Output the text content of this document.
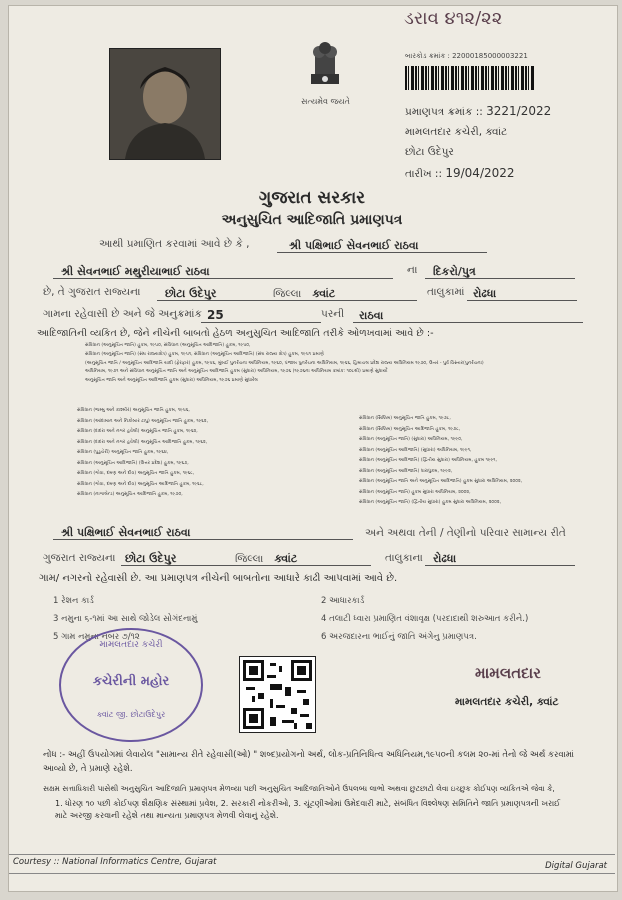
ડરાવ ૪૧૨/૨૨
સત્યમેવ જયતે
બારકોડ ક્રમાંક : 22000185000003221
પ્રમાણપત્ર ક્રમાંક :: 3221/2022
મામલતદાર કચેરી, ક્વાંટ
છોટા ઉદેપુર
તારીખ :: 19/04/2022
ગુજરાત સરકાર
અનુસુચિત આદિજાતિ પ્રમાણપત્ર
આથી પ્રમાણિત કરવામાં આવે છે કે ,	શ્રી પક્ષિભાઈ સેવનભાઈ રાઠવા
શ્રી સેવનભાઈ મથુરીયાભાઈ રાઠવા	ના	દિકરો/પુત્ર
છે, તે ગુજરાત રાજ્યના	છોટા ઉદેપુર	જિલ્લા ક્વાંટ	તાલુકામાં રોઢધા
ગામના રહેવાસી છે અને જે અનુક્રમાંક 25	પરની	રાઠવા
આદિજાતિની વ્યકિત છે, જેને નીચેની બાબતો હેઠળ અનુસુચિત આદિજાતિ તરીકે ઓળખવામાં આવે છે :-
સંવિધાન (અનુસૂચિત જાતિ) હુકમ, ૧૯૫૦, સંવિધાન (અનુસૂચિત આદિજાતિ) હુકમ, ૧૯૫૦,
સંવિધાન (અનુસૂચિત જાતિ) (સંઘ રાજ્યક્ષેત્ર) હુકમ, ૧૯૫૧, સંવિધાન (અનુસૂચિત આદિજાતિ) (સંઘ રાજ્ય ક્ષેત્ર) હુકમ, ૧૯૫૧ પ્રમાણે
(અનુસૂચિત જાતિ / અનુસૂચિત આદિજાતિ યાદી (ફેરફાર) હુકમ, ૧૯૫૬, મુંબઈ પુનર્રચના અધિનિયમ, ૧૯૬૦, પંજાબ પુનર્રચના અધિનિયમ, ૧૯૬૬, હિમાચલ પ્રદેશ રાજ્ય અધિનિયમ ૧૯૭૦, ઉત્તર - પુર્વ વિસ્તાર(પુનર્રચના)
અધિનિયમ, ૧૯૭૧ અને સંવિધાન અનુસૂચિત જાતિ અને અનુસૂચિત આદિજાતિ હુકમ (સુધારા) અધિનિયમ, ૧૯૭૬ (૧૯૭૬ના અધિનિયમ ક્રમાંક: ૧૦૮થી) પ્રમાણે સુધાર્યો
અનુસૂચિત જાતિ અને અનુસૂચિત આદિજાતિ હુકમ (સુધારા) અધિનિયમ, ૧૯૭૬ પ્રમાણે સુધારેલ
સંવિધાન (જમ્મુ અને કાશ્મીર) અનુસૂચિત જાતિ હુકમ, ૧૯૫૬,
સંવિધાન (આંદામાન અને નિકોબાર ટાપુ) અનુસૂચિત જાતિ હુકમ, ૧૯૬૨,
સંવિધાન (દાદરા અને નગર હવેલી) અનુસૂચિત જાતિ હુકમ, ૧૯૬૨,
સંવિધાન (દાદરા અને નગર હવેલી) અનુસૂચિત આદિજાતિ હુકમ, ૧૯૬૨,
સંવિધાન (પુડુચેરી) અનુસૂચિત જાતિ હુકમ, ૧૯૬૪,
સંવિધાન (અનુસૂચિત આદિજાતિ) (ઉત્તર પ્રદેશ) હુકમ, ૧૯૬૭,
સંવિધાન (ગોવા, દમણ અને દીવ) અનુસૂચિત જાતિ હુકમ, ૧૯૬૮,
સંવિધાન (ગોવા, દમણ અને દીવ) અનુસૂચિત આદિજાતિ હુકમ, ૧૯૬૮,
સંવિધાન (નાગાલેન્ડ) અનુસૂચિત આદિજાતિ હુકમ, ૧૯૭૦,
સંવિધાન (સિક્કિમ) અનુસૂચિત જાતિ હુકમ, ૧૯૭૮,
સંવિધાન (સિક્કિમ) અનુસૂચિત આદિજાતિ હુકમ, ૧૯૭૮,
સંવિધાન (અનુસૂચિત જાતિ) (સુધારા) અધિનિયમ, ૧૯૯૦,
સંવિધાન (અનુસૂચિત આદિજાતિ) (સુધારા) અધિનિયમ, ૧૯૯૧,
સંવિધાન (અનુસૂચિત આદિજાતિ) (દ્વિતીય સુધારા) અધિનિયમ, હુકમ ૧૯૯૧,
સંવિધાન (અનુસૂચિત આદિજાતિ) ધારાધુકમ, ૧૯૯૨,
સંવિધાન (અનુસૂચિત જાતિ અને અનુસૂચિત આદિજાતિ) હુકમ સુધારા અધિનિયમ, ૨૦૦૨,
સંવિધાન (અનુસૂચિત જાતિ) હુકમ સુધારા અધિનિયમ, ૨૦૦૨,
સંવિધાન (અનુસૂચિત જાતિ) (દ્વિતીય સુધારા) હુકમ સુધારા અધિનિયમ, ૨૦૦૨,
શ્રી પક્ષિભાઈ સેવનભાઈ રાઠવા	અને અથવા તેની / તેણીનો પરિવાર સામાન્ય રીતે
ગુજરાત રાજ્યના છોટા ઉદેપુર	જિલ્લા ક્વાંટ	તાલુકાના રોઢધા
ગામ/ નગરનો રહેવાસી છે. આ પ્રમાણપત્ર નીચેની બાબતોના આધારે કાઢી આપવામાં આવે છે.
1 રેશન કાર્ડ	2 આધારકાર્ડ
3 નમુના ૬-૧માં આ સાથે જોડેલ સોગંદનામું	4 તલાટી ધ્વારા પ્રમાણિત વંશાવૃક્ષ (પરદાદાથી શરુઆત કરીને.)
5 ગામ નમુના નંબર ૭/૧૨	6 અરજદારના ભાઈનું જાતિ અંગેનુ પ્રમાણપત્ર.
મામલતદાર કચેરી
કચેરીની મહોર
ક્વાંટ જી. છોટાઉદેપુર
મામલતદાર
મામલતદાર કચેરી, ક્વાંટ
નોંધ :- અહીં ઉપયોગમાં લેવાયેલ "સામાન્ય રીતે રહેવાસી(ઓ) " શબ્દપ્રયોગનો અર્થ, લોક-પ્રતિનિધિત્વ અધિનિયમ,૧૯૫૦ની કલમ ૨૦-માં તેનો જે અર્થ કરવામાં આવ્યો છે, તે પ્રમાણે રહેશે.
સક્ષમ સત્તાધિકારી પાસેથી અનુસુચિત આદિજાતિ પ્રમાણપત્ર મેળવ્યા પછી અનુસુચિત આદિજાતિઓને ઉપલબ્ધ લાભો અથવા છુટછાટો લેવા ઇચ્છુક કોઈપણ વ્યકિતએ જેવા કે,
1. ધોરણ ૧૦ પછી કોઈપણ શૈક્ષણિક સંસ્થામાં પ્રવેશ, 2. સરકારી નોકરીઓ, 3. ચૂંટણીઓમાં ઉમેદવારી માટે, સંબંધિત વિશ્લેષણ સમિતિને જાતિ પ્રમાણપત્રની ખરાઈ માટે અરજી કરવાની રહેશે તથા માન્યતા પ્રમાણપત્ર મેળવી લેવાનું રહેશે.
Courtesy :: National Informatics Centre, Gujarat	Digital Gujarat
